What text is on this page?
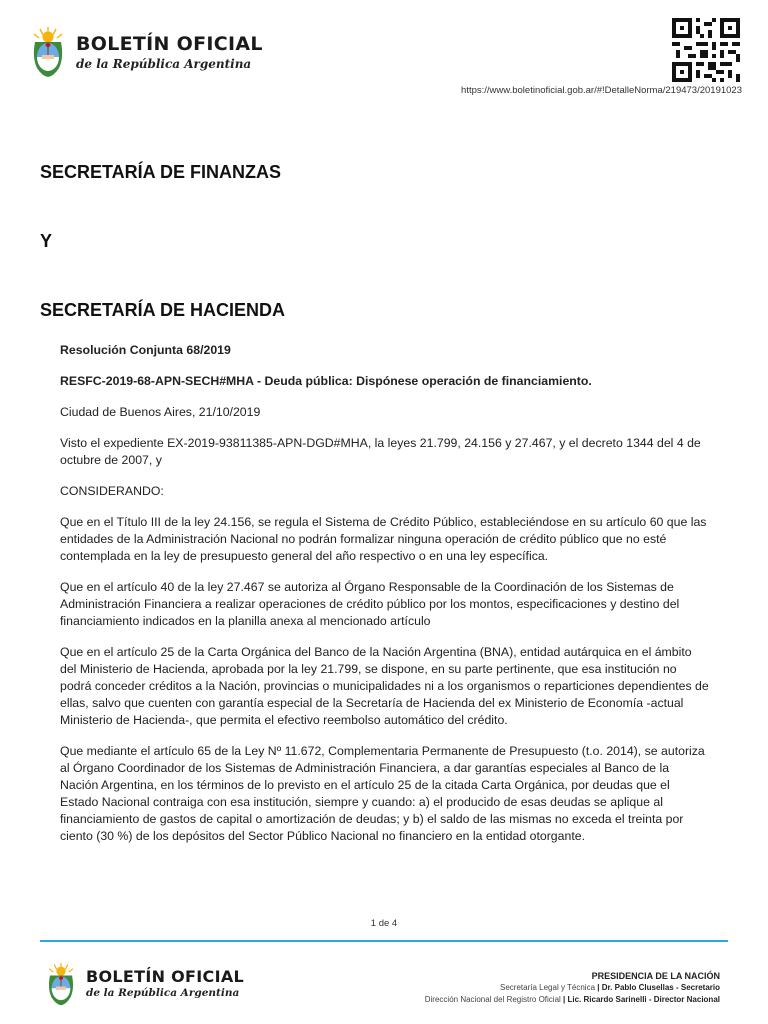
BOLETÍN OFICIAL
de la República Argentina
https://www.boletinoficial.gob.ar/#!DetalleNorma/219473/20191023
SECRETARÍA DE FINANZAS
Y
SECRETARÍA DE HACIENDA

Resolución Conjunta 68/2019

RESFC-2019-68-APN-SECH#MHA - Deuda pública: Dispónese operación de financiamiento.

Ciudad de Buenos Aires, 21/10/2019

Visto el expediente EX-2019-93811385-APN-DGD#MHA, la leyes 21.799, 24.156 y 27.467, y el decreto 1344 del 4 de octubre de 2007, y

CONSIDERANDO:

Que en el Título III de la ley 24.156, se regula el Sistema de Crédito Público, estableciéndose en su artículo 60 que las entidades de la Administración Nacional no podrán formalizar ninguna operación de crédito público que no esté contemplada en la ley de presupuesto general del año respectivo o en una ley específica.

Que en el artículo 40 de la ley 27.467 se autoriza al Órgano Responsable de la Coordinación de los Sistemas de Administración Financiera a realizar operaciones de crédito público por los montos, especificaciones y destino del financiamiento indicados en la planilla anexa al mencionado artículo

Que en el artículo 25 de la Carta Orgánica del Banco de la Nación Argentina (BNA), entidad autárquica en el ámbito del Ministerio de Hacienda, aprobada por la ley 21.799, se dispone, en su parte pertinente, que esa institución no podrá conceder créditos a la Nación, provincias o municipalidades ni a los organismos o reparticiones dependientes de ellas, salvo que cuenten con garantía especial de la Secretaría de Hacienda del ex Ministerio de Economía -actual Ministerio de Hacienda-, que permita el efectivo reembolso automático del crédito.

Que mediante el artículo 65 de la Ley Nº 11.672, Complementaria Permanente de Presupuesto (t.o. 2014), se autoriza al Órgano Coordinador de los Sistemas de Administración Financiera, a dar garantías especiales al Banco de la Nación Argentina, en los términos de lo previsto en el artículo 25 de la citada Carta Orgánica, por deudas que el Estado Nacional contraiga con esa institución, siempre y cuando: a) el producido de esas deudas se aplique al financiamiento de gastos de capital o amortización de deudas; y b) el saldo de las mismas no exceda el treinta por ciento (30 %) de los depósitos del Sector Público Nacional no financiero en la entidad otorgante.

1 de 4
BOLETÍN OFICIAL
de la República Argentina
PRESIDENCIA DE LA NACIÓN
Secretaría Legal y Técnica | Dr. Pablo Clusellas - Secretario
Dirección Nacional del Registro Oficial | Lic. Ricardo Sarinelli - Director Nacional
